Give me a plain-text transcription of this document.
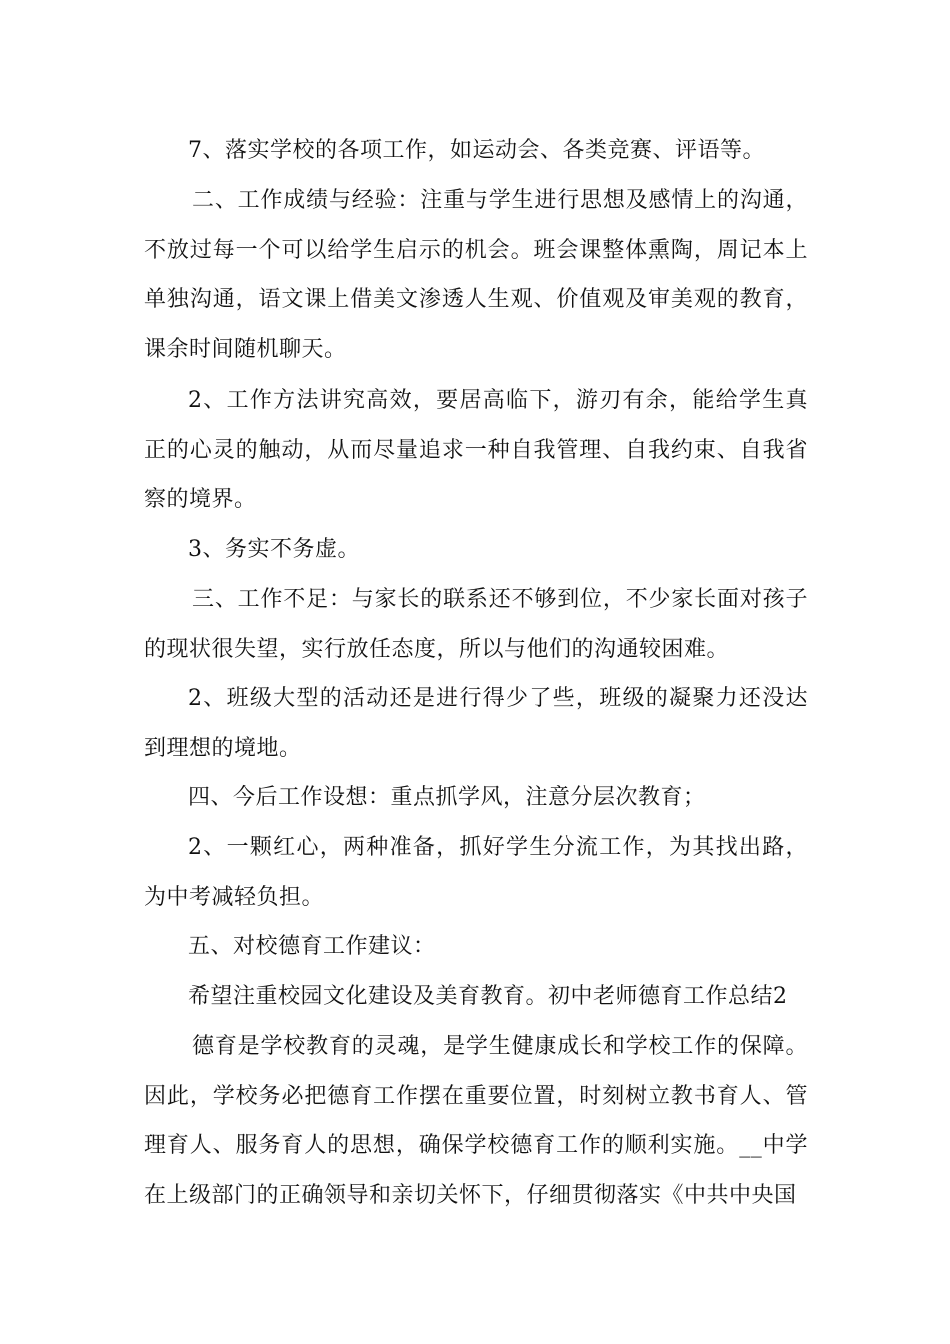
7、落实学校的各项工作，如运动会、各类竞赛、评语等。

二、工作成绩与经验：注重与学生进行思想及感情上的沟通，不放过每一个可以给学生启示的机会。班会课整体熏陶，周记本上单独沟通，语文课上借美文渗透人生观、价值观及审美观的教育，课余时间随机聊天。

2、工作方法讲究高效，要居高临下，游刃有余，能给学生真正的心灵的触动，从而尽量追求一种自我管理、自我约束、自我省察的境界。

3、务实不务虚。

三、工作不足：与家长的联系还不够到位，不少家长面对孩子的现状很失望，实行放任态度，所以与他们的沟通较困难。

2、班级大型的活动还是进行得少了些，班级的凝聚力还没达到理想的境地。

四、今后工作设想：重点抓学风，注意分层次教育；

2、一颗红心，两种准备，抓好学生分流工作，为其找出路，为中考减轻负担。

五、对校德育工作建议：

希望注重校园文化建设及美育教育。初中老师德育工作总结2

德育是学校教育的灵魂，是学生健康成长和学校工作的保障。因此，学校务必把德育工作摆在重要位置，时刻树立教书育人、管理育人、服务育人的思想，确保学校德育工作的顺利实施。__中学在上级部门的正确领导和亲切关怀下，仔细贯彻落实《中共中央国
